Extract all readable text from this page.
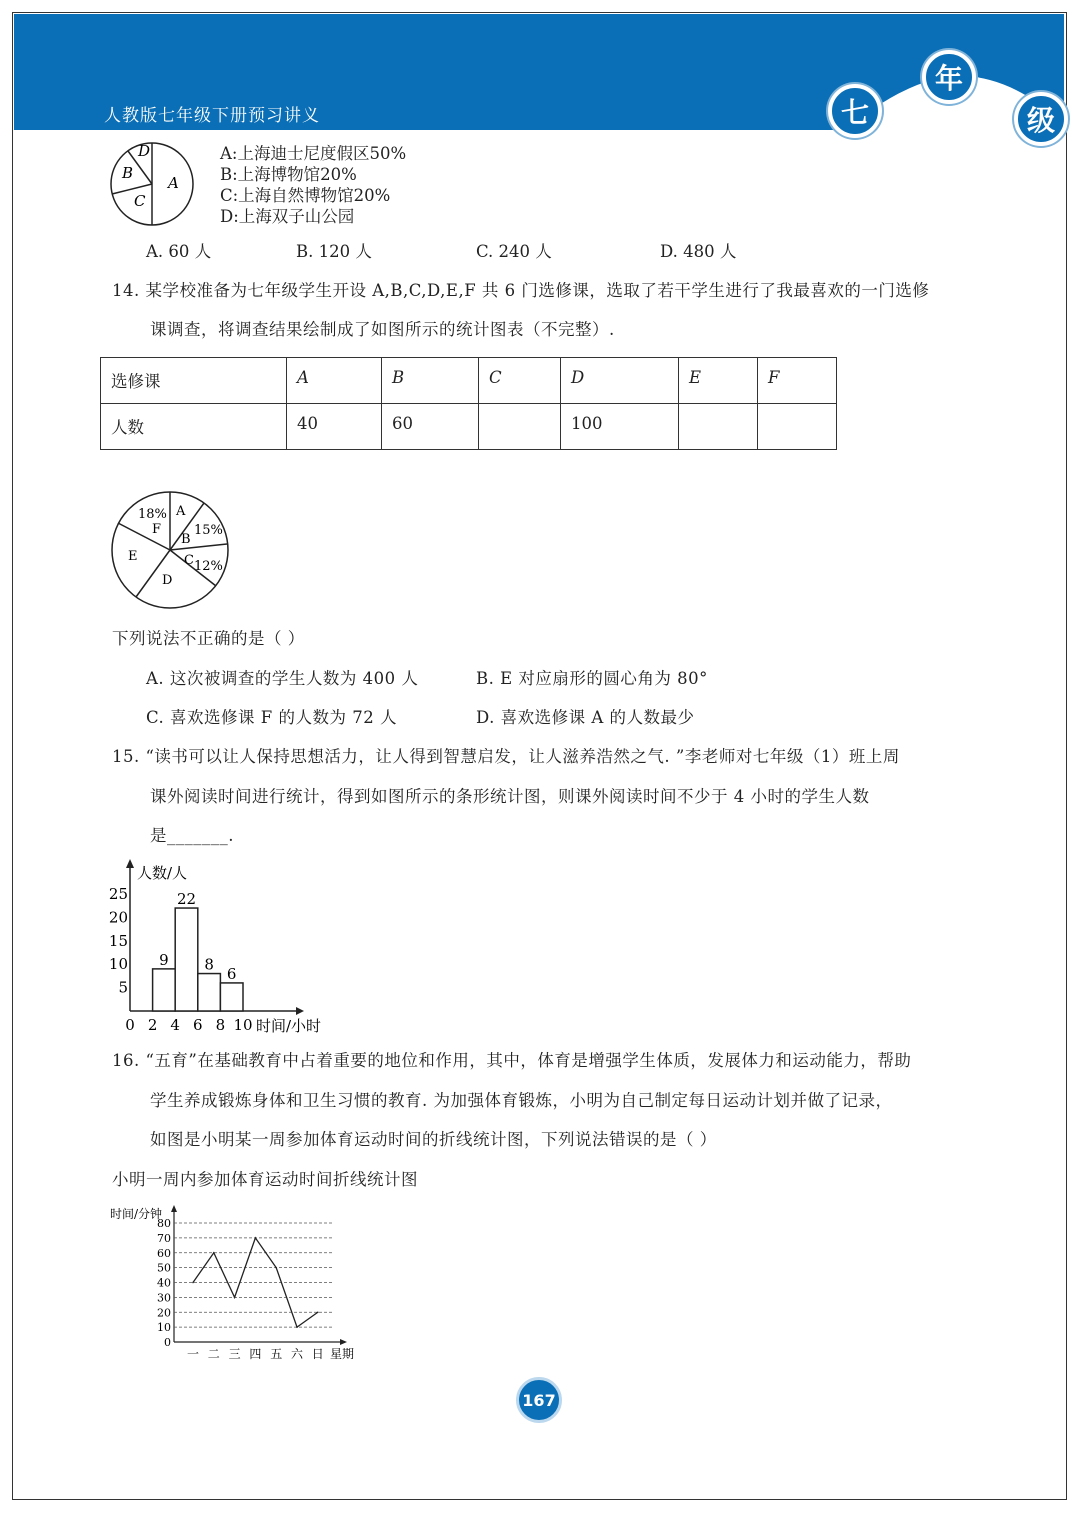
人教版七年级下册预习讲义	七
年
级
D
B
C
A
A:上海迪士尼度假区50%
B:上海博物馆20%
C:上海自然博物馆20%
D:上海双子山公园
A. 60 人	B. 120 人	C. 240 人	D. 480 人
14. 某学校准备为七年级学生开设 A,B,C,D,E,F 共 6 门选修课，选取了若干学生进行了我最喜欢的一门选修
课调查，将调查结果绘制成了如图所示的统计图表（不完整）.
选修课	A	B	C	D	E	F
人数	40	60		100		
18%
F
A
15%
B
C 12%
E
D
下列说法不正确的是（ ）
A. 这次被调查的学生人数为 400 人	B. E 对应扇形的圆心角为 80°
C. 喜欢选修课 F 的人数为 72 人	D. 喜欢选修课 A 的人数最少
15. “读书可以让人保持思想活力，让人得到智慧启发，让人滋养浩然之气. ”李老师对七年级（1）班上周
课外阅读时间进行统计，得到如图所示的条形统计图，则课外阅读时间不少于 4 小时的学生人数
是_______.
人数/人
时间/小时
0 2 4 6 8 10
5
10
15
20
25
9
22
8
6
16. “五育”在基础教育中占着重要的地位和作用，其中，体育是增强学生体质，发展体力和运动能力，帮助
学生养成锻炼身体和卫生习惯的教育. 为加强体育锻炼，小明为自己制定每日运动计划并做了记录，
如图是小明某一周参加体育运动时间的折线统计图，下列说法错误的是（ ）
小明一周内参加体育运动时间折线统计图
时间/分钟
星期
0
10
20
30
40
50
60
70
80
一 二 三 四 五 六 日
167
